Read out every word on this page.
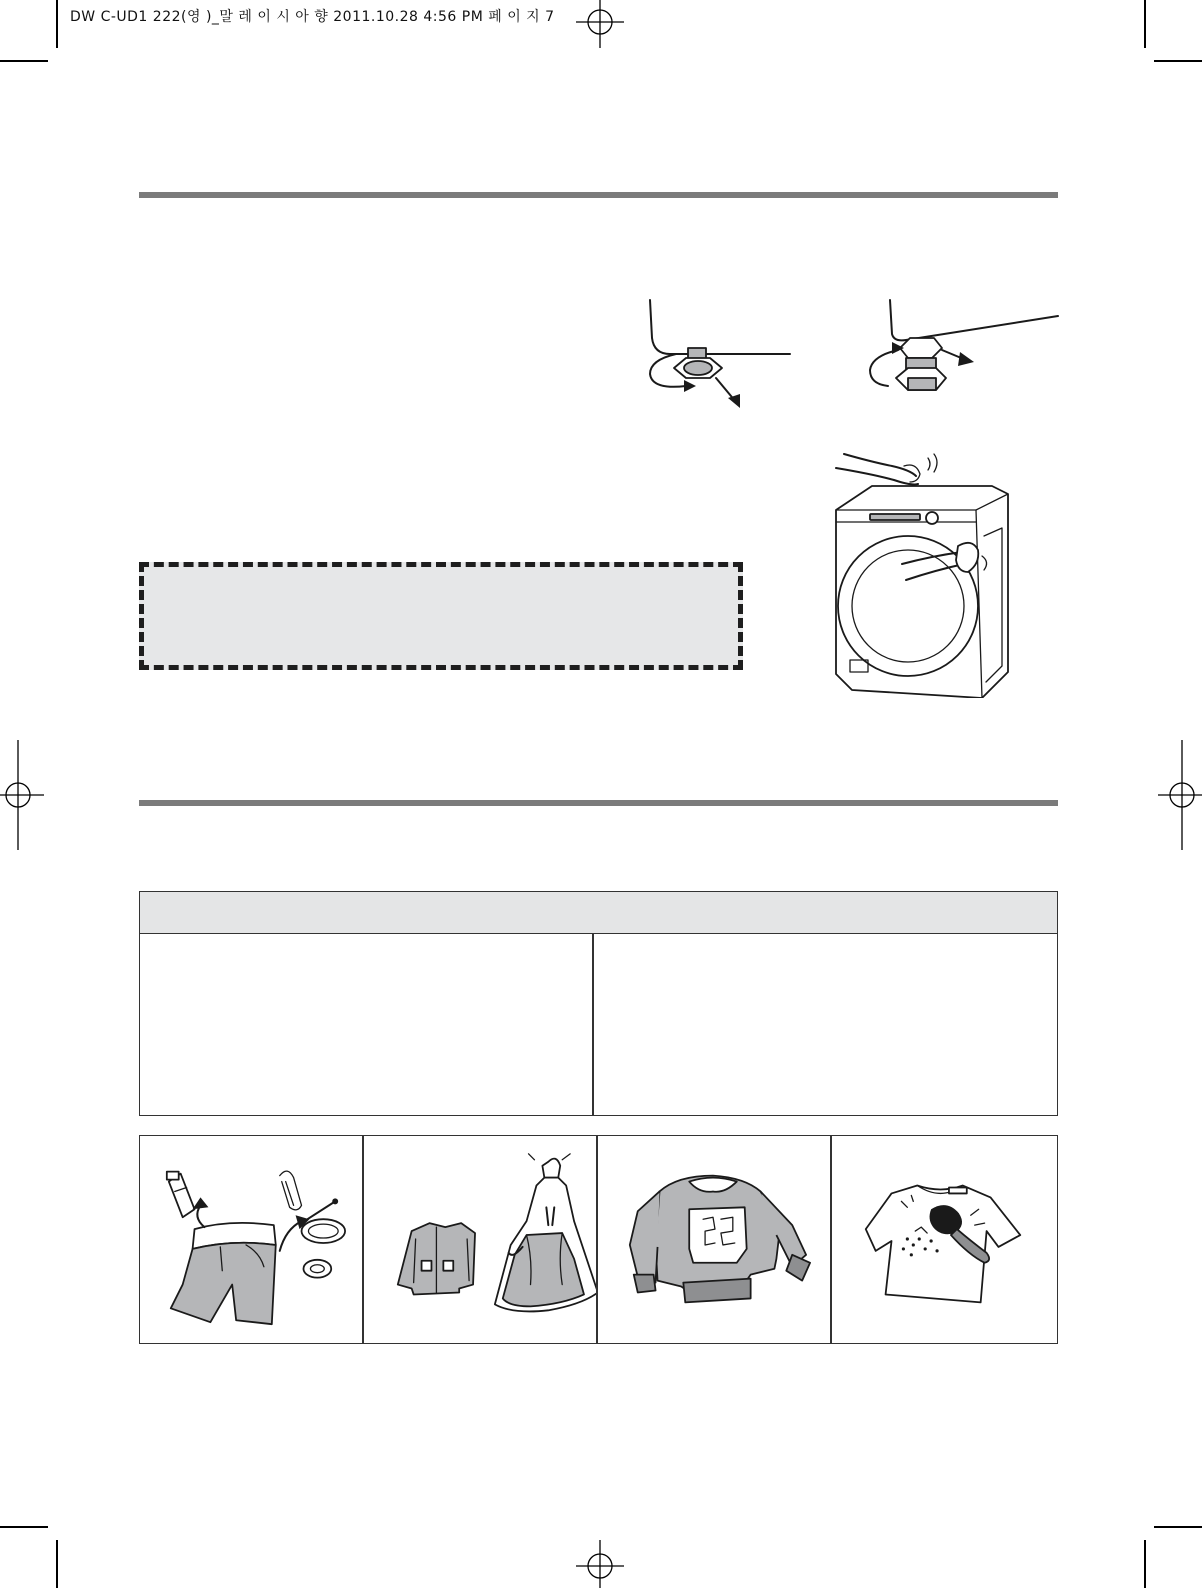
DW C-UD1 222(영 )_말 레 이 시 아 향 2011.10.28 4:56 PM 페 이 지 7
